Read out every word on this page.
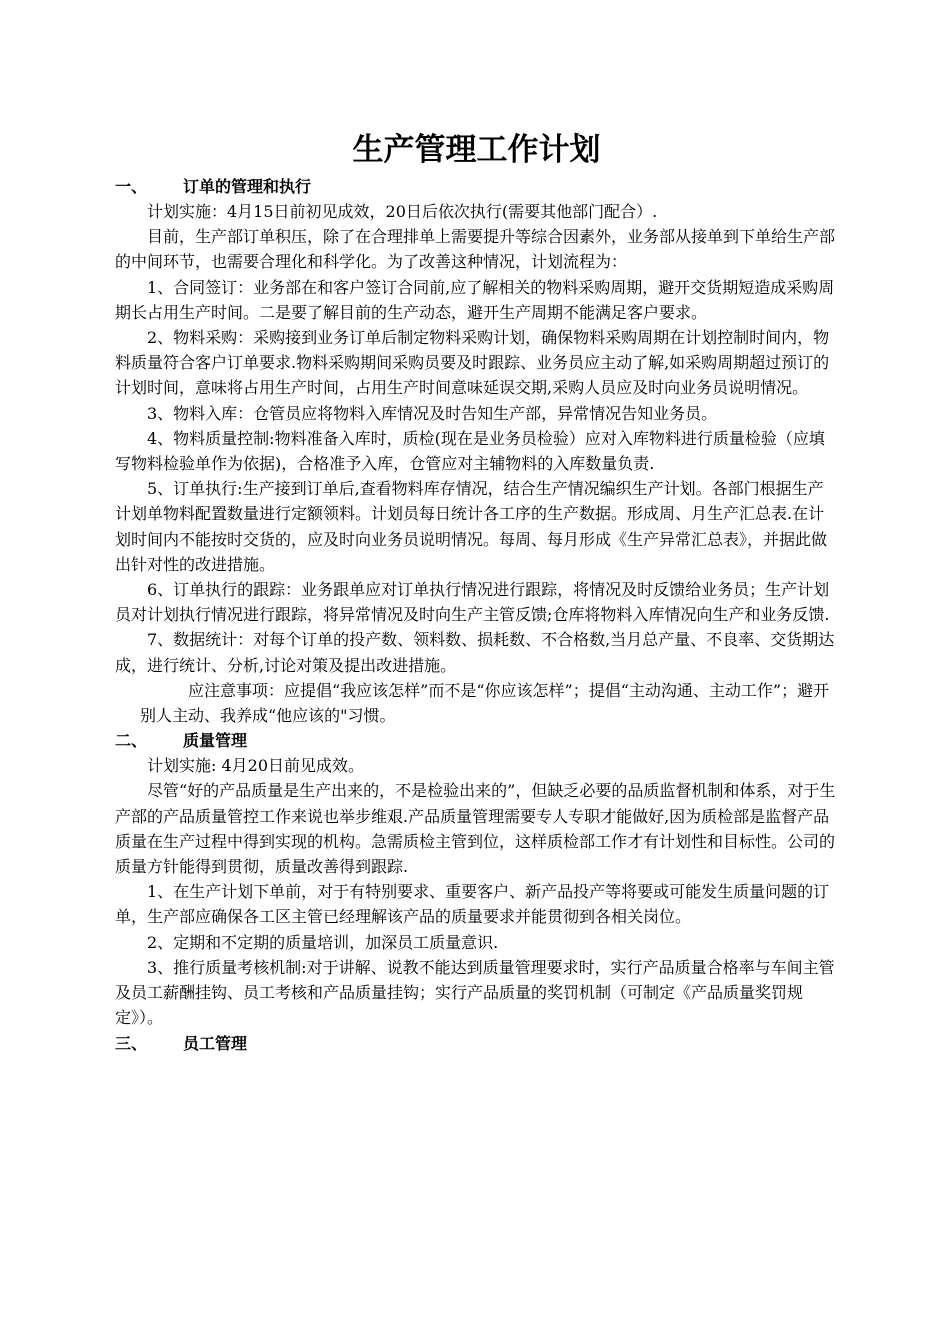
生产管理工作计划
一、 订单的管理和执行

计划实施：4月15日前初见成效，20日后依次执行(需要其他部门配合）.

目前，生产部订单积压，除了在合理排单上需要提升等综合因素外，业务部从接单到下单给生产部的中间环节，也需要合理化和科学化。为了改善这种情况，计划流程为：

1、合同签订：业务部在和客户签订合同前,应了解相关的物料采购周期，避开交货期短造成采购周期长占用生产时间。二是要了解目前的生产动态，避开生产周期不能满足客户要求。

2、物料采购：采购接到业务订单后制定物料采购计划，确保物料采购周期在计划控制时间内，物料质量符合客户订单要求.物料采购期间采购员要及时跟踪、业务员应主动了解,如采购周期超过预订的计划时间，意味将占用生产时间，占用生产时间意味延误交期,采购人员应及时向业务员说明情况。

3、物料入库：仓管员应将物料入库情况及时告知生产部，异常情况告知业务员。

4、物料质量控制:物料准备入库时，质检(现在是业务员检验）应对入库物料进行质量检验（应填写物料检验单作为依据)，合格准予入库，仓管应对主辅物料的入库数量负责.

5、订单执行:生产接到订单后,查看物料库存情况，结合生产情况编织生产计划。各部门根据生产计划单物料配置数量进行定额领料。计划员每日统计各工序的生产数据。形成周、月生产汇总表.在计划时间内不能按时交货的，应及时向业务员说明情况。每周、每月形成《生产异常汇总表》，并据此做出针对性的改进措施。

6、订单执行的跟踪：业务跟单应对订单执行情况进行跟踪，将情况及时反馈给业务员；生产计划员对计划执行情况进行跟踪，将异常情况及时向生产主管反馈;仓库将物料入库情况向生产和业务反馈.

7、数据统计：对每个订单的投产数、领料数、损耗数、不合格数,当月总产量、不良率、交货期达成，进行统计、分析,讨论对策及提出改进措施。

应注意事项：应提倡“我应该怎样”而不是“你应该怎样”；提倡“主动沟通、主动工作”；避开别人主动、我养成“他应该的"习惯。

二、 质量管理

计划实施: 4月20日前见成效。

尽管“好的产品质量是生产出来的，不是检验出来的”，但缺乏必要的品质监督机制和体系，对于生产部的产品质量管控工作来说也举步维艰.产品质量管理需要专人专职才能做好,因为质检部是监督产品质量在生产过程中得到实现的机构。急需质检主管到位，这样质检部工作才有计划性和目标性。公司的质量方针能得到贯彻，质量改善得到跟踪.

1、在生产计划下单前，对于有特别要求、重要客户、新产品投产等将要或可能发生质量问题的订单，生产部应确保各工区主管已经理解该产品的质量要求并能贯彻到各相关岗位。

2、定期和不定期的质量培训，加深员工质量意识.

3、推行质量考核机制:对于讲解、说教不能达到质量管理要求时，实行产品质量合格率与车间主管及员工薪酬挂钩、员工考核和产品质量挂钩；实行产品质量的奖罚机制（可制定《产品质量奖罚规定》）。

三、 员工管理
